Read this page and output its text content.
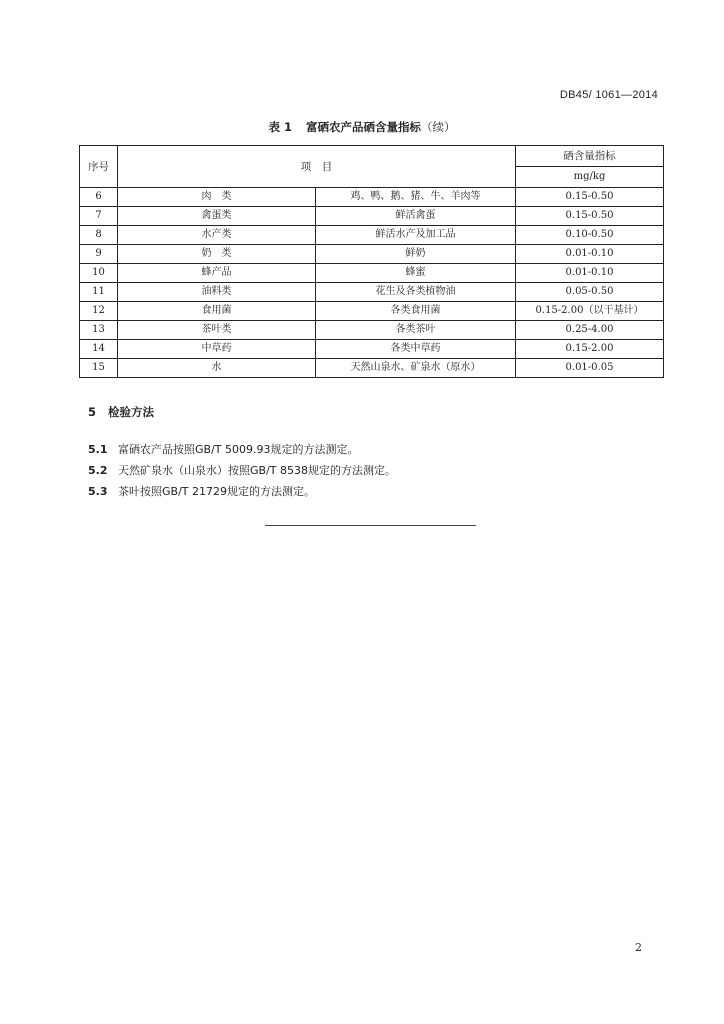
DB45/ 1061—2014
表 1 富硒农产品硒含量指标（续）
序号	项　目		硒含量指标
			mg/kg
6	肉　类	鸡、鸭、鹅、猪、牛、羊肉等	0.15-0.50
7	禽蛋类	鲜活禽蛋	0.15-0.50
8	水产类	鲜活水产及加工品	0.10-0.50
9	奶　类	鲜奶	0.01-0.10
10	蜂产品	蜂蜜	0.01-0.10
11	油料类	花生及各类植物油	0.05-0.50
12	食用菌	各类食用菌	0.15-2.00（以干基计）
13	茶叶类	各类茶叶	0.25-4.00
14	中草药	各类中草药	0.15-2.00
15	水	天然山泉水、矿泉水（原水）	0.01-0.05
5 检验方法
5.1 富硒农产品按照GB/T 5009.93规定的方法测定。
5.2 天然矿泉水（山泉水）按照GB/T 8538规定的方法测定。
5.3 茶叶按照GB/T 21729规定的方法测定。
2
